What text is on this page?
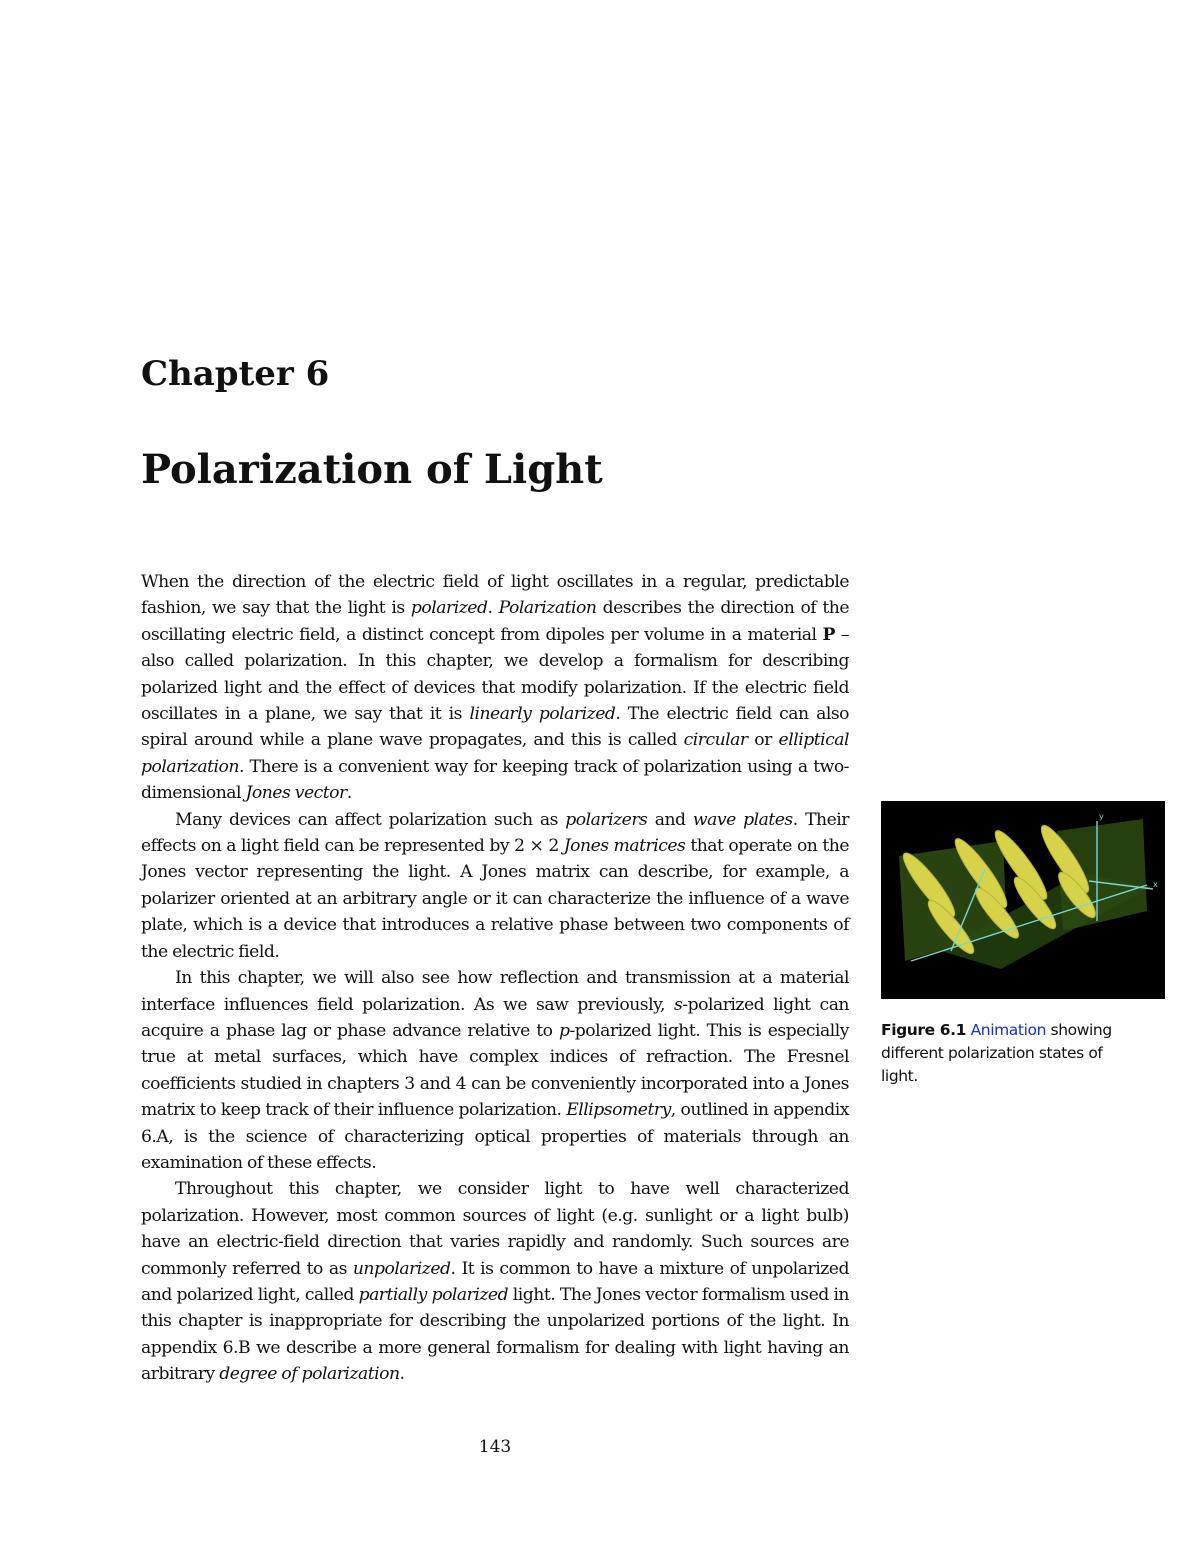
Chapter 6
Polarization of Light

When the direction of the electric field of light oscillates in a regular, predictable fashion, we say that the light is polarized. Polarization describes the direction of the oscillating electric field, a distinct concept from dipoles per volume in a material P – also called polarization. In this chapter, we develop a formalism for describing polarized light and the effect of devices that modify polarization. If the electric field oscillates in a plane, we say that it is linearly polarized. The electric field can also spiral around while a plane wave propagates, and this is called circular or elliptical polarization. There is a convenient way for keeping track of polarization using a two-dimensional Jones vector.

Many devices can affect polarization such as polarizers and wave plates. Their effects on a light field can be represented by 2 × 2 Jones matrices that operate on the Jones vector representing the light. A Jones matrix can describe, for example, a polarizer oriented at an arbitrary angle or it can characterize the influence of a wave plate, which is a device that introduces a relative phase between two components of the electric field.

In this chapter, we will also see how reflection and transmission at a material interface influences field polarization. As we saw previously, s-polarized light can acquire a phase lag or phase advance relative to p-polarized light. This is especially true at metal surfaces, which have complex indices of refraction. The Fresnel coefficients studied in chapters 3 and 4 can be conveniently incorporated into a Jones matrix to keep track of their influence polarization. Ellipsometry, outlined in appendix 6.A, is the science of characterizing optical properties of materials through an examination of these effects.

Throughout this chapter, we consider light to have well characterized polarization. However, most common sources of light (e.g. sunlight or a light bulb) have an electric-field direction that varies rapidly and randomly. Such sources are commonly referred to as unpolarized. It is common to have a mixture of unpolarized and polarized light, called partially polarized light. The Jones vector formalism used in this chapter is inappropriate for describing the unpolarized portions of the light. In appendix 6.B we describe a more general formalism for dealing with light having an arbitrary degree of polarization.

y
x
Figure 6.1 Animation showing different polarization states of light.
143
